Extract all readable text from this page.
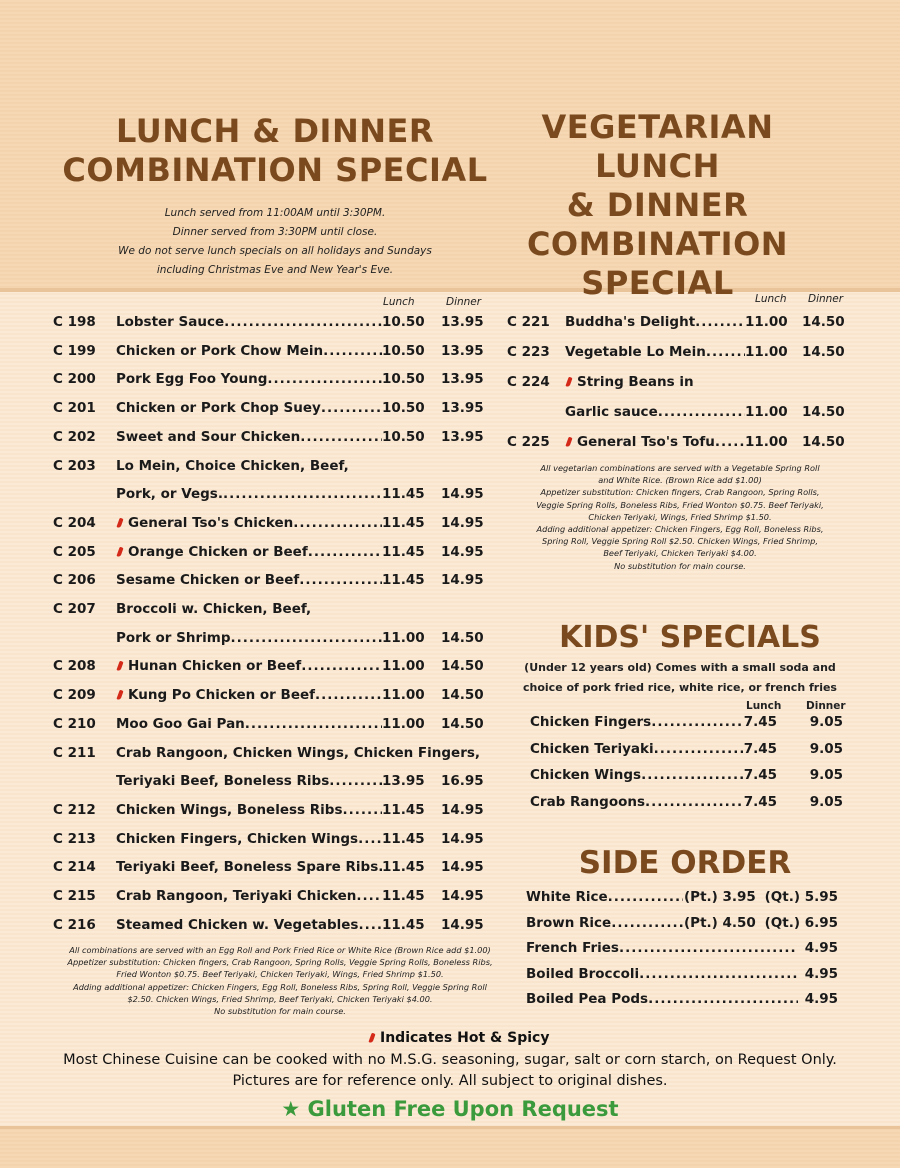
LUNCH & DINNER
COMBINATION SPECIAL
Lunch served from 11:00AM until 3:30PM.
Dinner served from 3:30PM until close.
We do not serve lunch specials on all holidays and Sundays
including Christmas Eve and New Year's Eve.
VEGETARIAN LUNCH
& DINNER
COMBINATION
SPECIAL
Lunch	Dinner	Lunch Dinner
C 198 Lobster Sauce .....	10.50 13.95
C 199 Chicken or Pork Chow Mein .....	10.50 13.95
C 200 Pork Egg Foo Young .....	10.50 13.95
C 201 Chicken or Pork Chop Suey .....	10.50 13.95
C 202 Sweet and Sour Chicken .....	10.50 13.95
C 203 Lo Mein, Choice Chicken, Beef,
Pork, or Vegs. .....	11.45 14.95
C 204	General Tso's Chicken .....	11.45 14.95
C 205	Orange Chicken or Beef .....	11.45 14.95
C 206 Sesame Chicken or Beef .....	11.45 14.95
C 207 Broccoli w. Chicken, Beef,
Pork or Shrimp .....	11.00 14.50
C 208	Hunan Chicken or Beef .....	11.00 14.50
C 209	Kung Po Chicken or Beef .....	11.00 14.50
C 210 Moo Goo Gai Pan .....	11.00 14.50
C 211 Crab Rangoon, Chicken Wings, Chicken Fingers,
Teriyaki Beef, Boneless Ribs .....	13.95 16.95
C 212 Chicken Wings, Boneless Ribs .....	11.45 14.95
C 213 Chicken Fingers, Chicken Wings ..... 11.45 14.95
C 214 Teriyaki Beef, Boneless Spare Ribs ..... 11.45 14.95
C 215 Crab Rangoon, Teriyaki Chicken ..... 11.45 14.95
C 216 Steamed Chicken w. Vegetables ..... 11.45 14.95
C 221 Buddha's Delight .....	11.00 14.50
C 223 Vegetable Lo Mein .....	11.00 14.50
C 224	String Beans in
Garlic sauce .....	11.00 14.50
C 225	General Tso's Tofu ..... 11.00 14.50
All combinations are served with an Egg Roll and Pork Fried Rice or White Rice (Brown Rice add $1.00)
Appetizer substitution: Chicken fingers, Crab Rangoon, Spring Rolls, Veggie Spring Rolls, Boneless Ribs,
Fried Wonton $0.75. Beef Teriyaki, Chicken Teriyaki, Wings, Fried Shrimp $1.50.
Adding additional appetizer: Chicken Fingers, Egg Roll, Boneless Ribs, Spring Roll, Veggie Spring Roll
$2.50. Chicken Wings, Fried Shrimp, Beef Teriyaki, Chicken Teriyaki $4.00.
No substitution for main course.
All vegetarian combinations are served with a Vegetable Spring Roll
and White Rice. (Brown Rice add $1.00)
Appetizer substitution: Chicken fingers, Crab Rangoon, Spring Rolls,
Veggie Spring Rolls, Boneless Ribs, Fried Wonton $0.75. Beef Teriyaki,
Chicken Teriyaki, Wings, Fried Shrimp $1.50.
Adding additional appetizer: Chicken Fingers, Egg Roll, Boneless Ribs,
Spring Roll, Veggie Spring Roll $2.50. Chicken Wings, Fried Shrimp,
Beef Teriyaki, Chicken Teriyaki $4.00.
No substitution for main course.
KIDS' SPECIALS
(Under 12 years old) Comes with a small soda and
choice of pork fried rice, white rice, or french fries
Lunch Dinner
Chicken Fingers .....	7.45	9.05
Chicken Teriyaki .....	7.45	9.05
Chicken Wings .....	7.45	9.05
Crab Rangoons .....	7.45	9.05
SIDE ORDER
White Rice .....	(Pt.) 3.95 (Qt.) 5.95
Brown Rice .....	(Pt.) 4.50 (Qt.) 6.95
French Fries .....	4.95
Boiled Broccoli .....	4.95
Boiled Pea Pods .....	4.95
Indicates Hot & Spicy
Most Chinese Cuisine can be cooked with no M.S.G. seasoning, sugar, salt or corn starch, on Request Only.
Pictures are for reference only. All subject to original dishes.
★ Gluten Free Upon Request
